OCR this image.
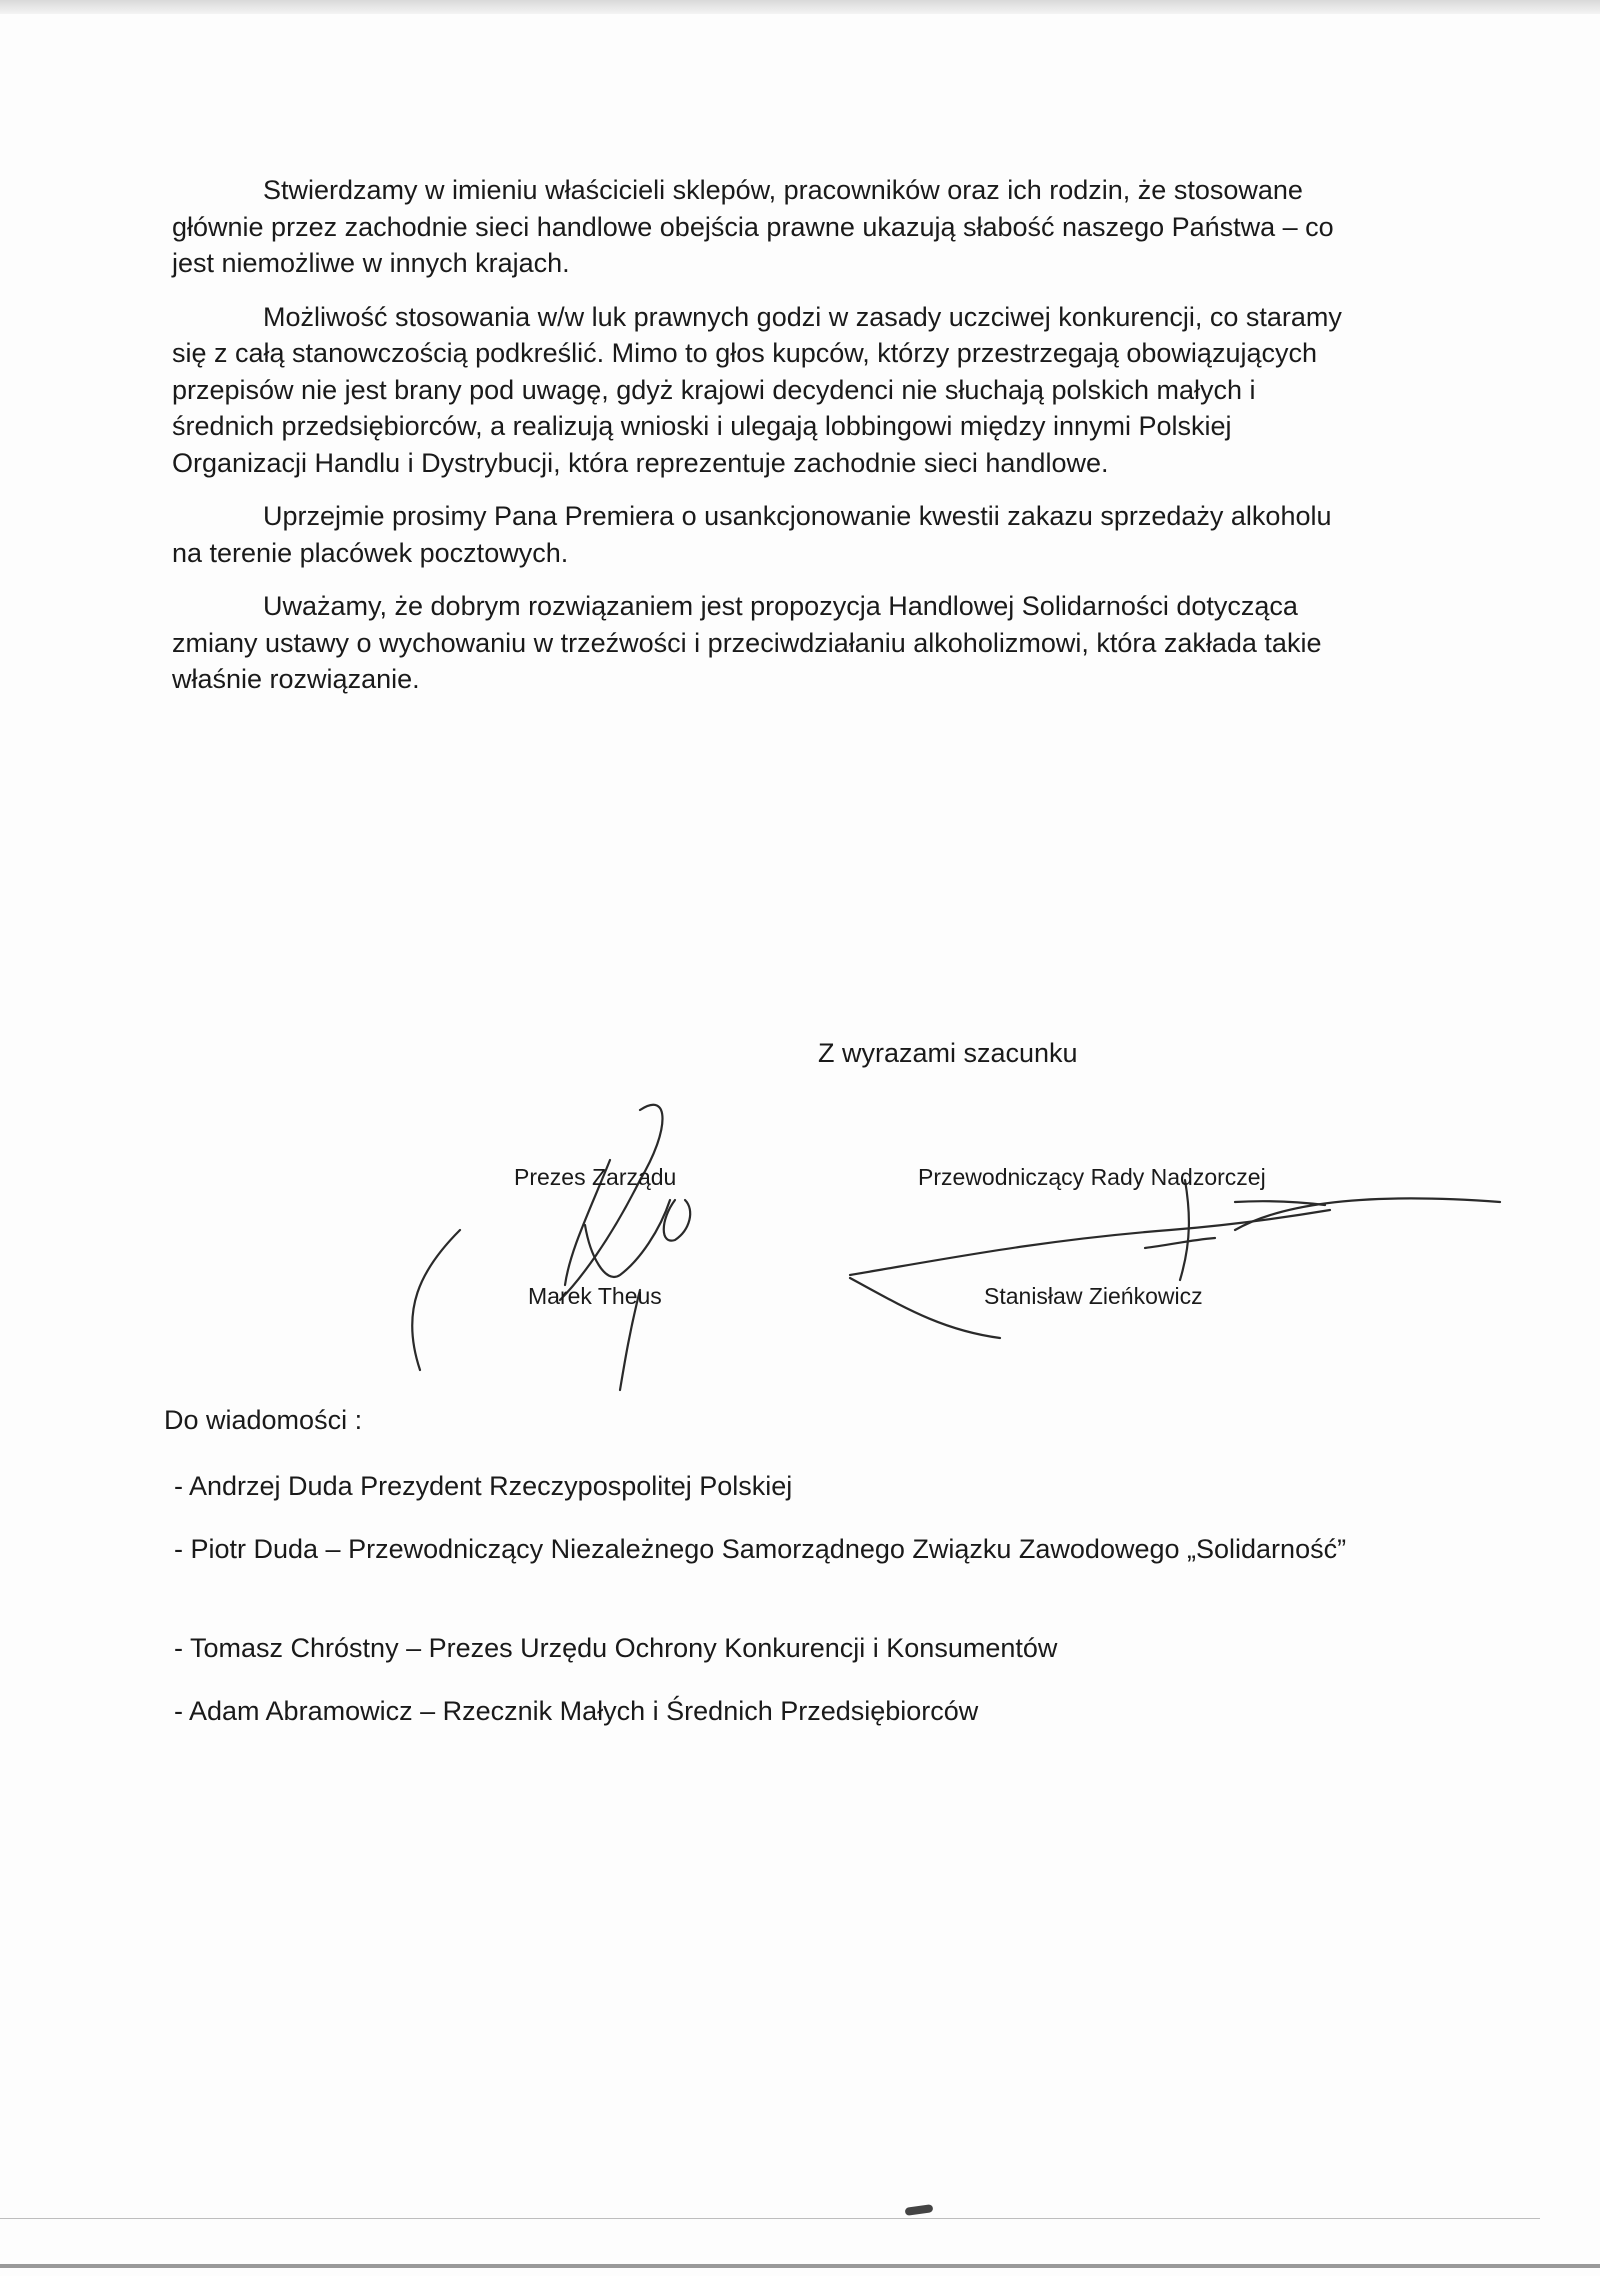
Stwierdzamy w imieniu właścicieli sklepów, pracowników oraz ich rodzin, że stosowane głównie przez zachodnie sieci handlowe obejścia prawne ukazują słabość naszego Państwa – co jest niemożliwe w innych krajach.

Możliwość stosowania w/w luk prawnych godzi w zasady uczciwej konkurencji, co staramy się z całą stanowczością podkreślić. Mimo to głos kupców, którzy przestrzegają obowiązujących przepisów nie jest brany pod uwagę, gdyż krajowi decydenci nie słuchają polskich małych i średnich przedsiębiorców, a realizują wnioski i ulegają lobbingowi między innymi Polskiej Organizacji Handlu i Dystrybucji, która reprezentuje zachodnie sieci handlowe.

Uprzejmie prosimy Pana Premiera o usankcjonowanie kwestii zakazu sprzedaży alkoholu na terenie placówek pocztowych.

Uważamy, że dobrym rozwiązaniem jest propozycja Handlowej Solidarności dotycząca zmiany ustawy o wychowaniu w trzeźwości i przeciwdziałaniu alkoholizmowi, która zakłada takie właśnie rozwiązanie.

Z wyrazami szacunku
Prezes Zarządu	Przewodniczący Rady Nadzorczej
Marek Theus	Stanisław Zieńkowicz
Do wiadomości :
- Andrzej Duda Prezydent Rzeczypospolitej Polskiej
- Piotr Duda – Przewodniczący Niezależnego Samorządnego Związku Zawodowego „Solidarność”
- Tomasz Chróstny – Prezes Urzędu Ochrony Konkurencji i Konsumentów
- Adam Abramowicz – Rzecznik Małych i Średnich Przedsiębiorców
